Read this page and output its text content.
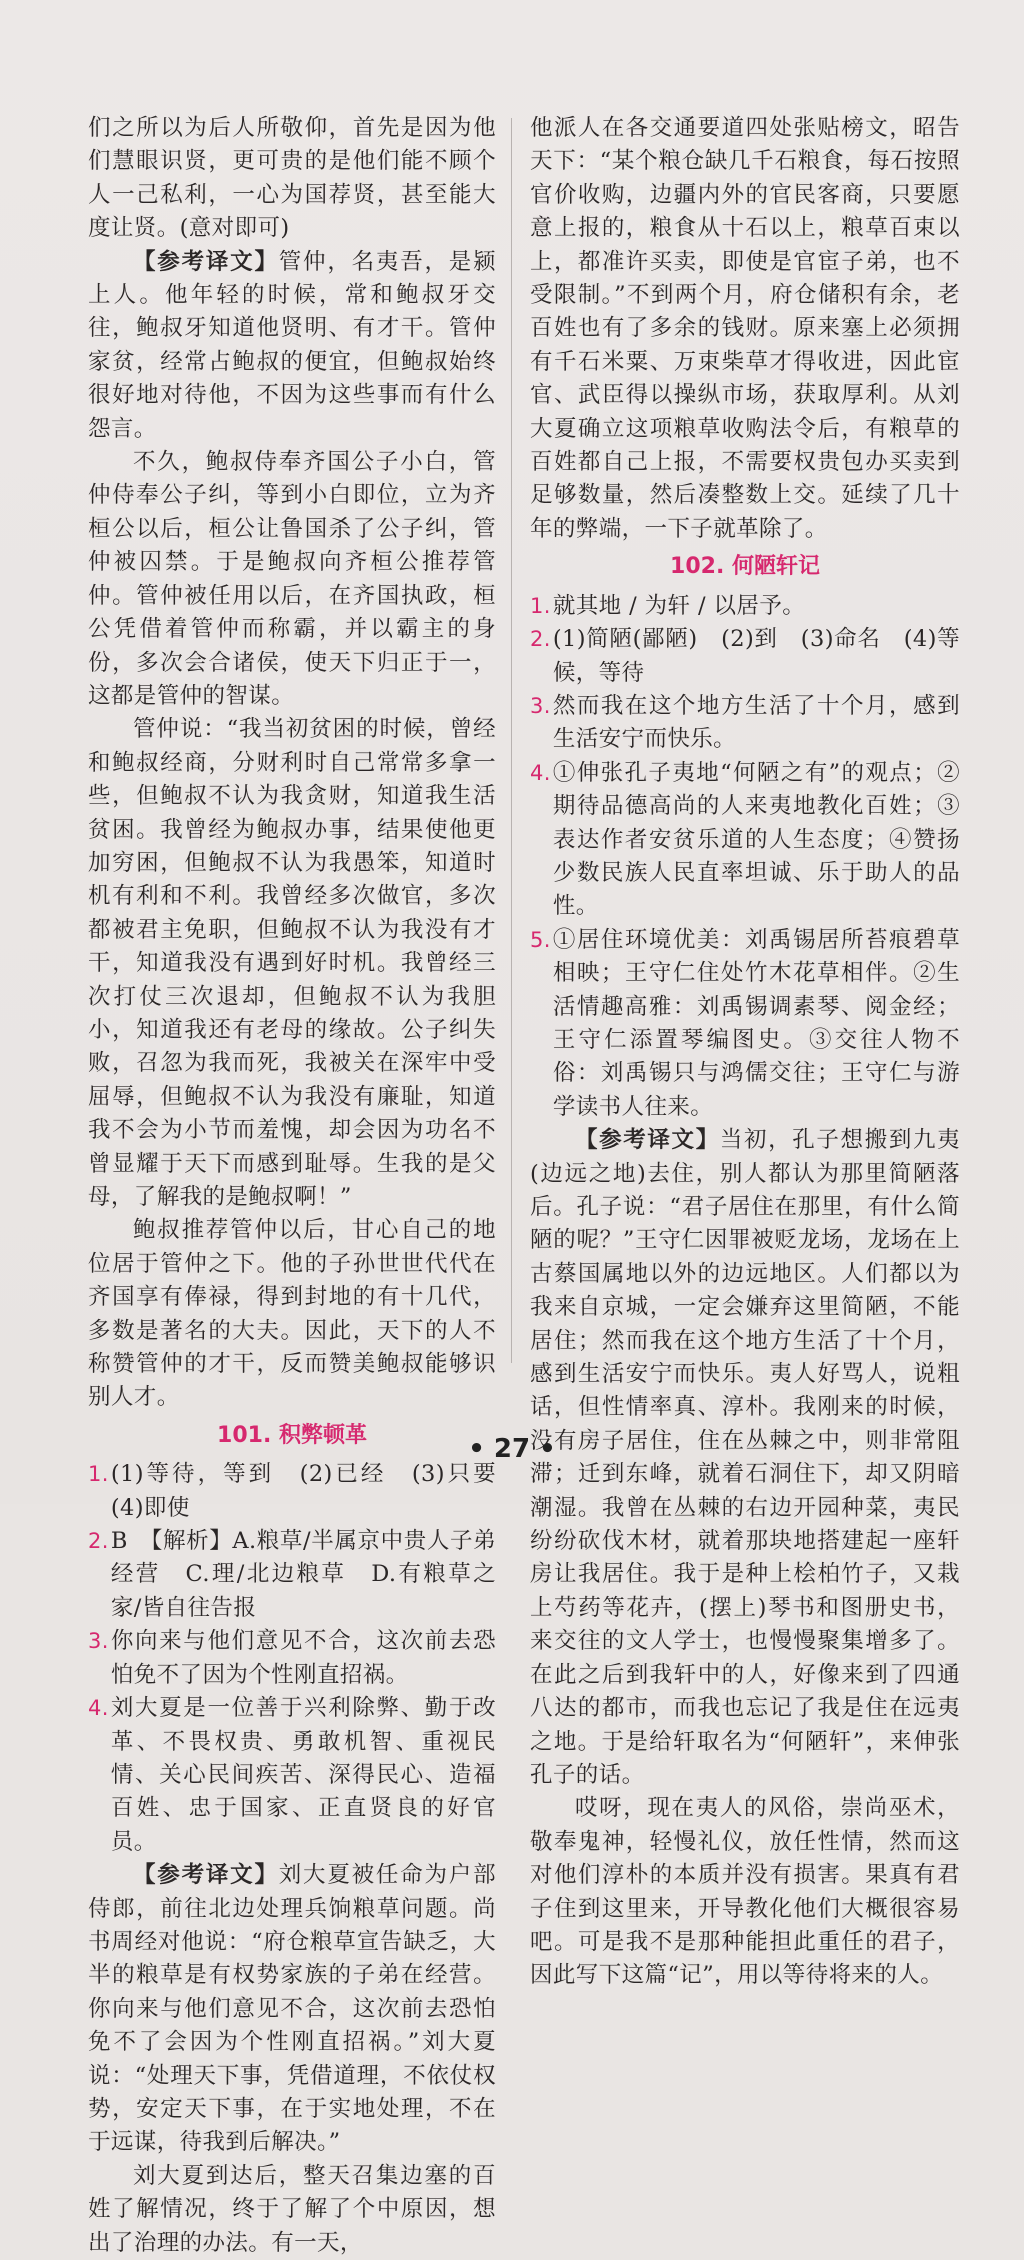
们之所以为后人所敬仰，首先是因为他们慧眼识贤，更可贵的是他们能不顾个人一己私利，一心为国荐贤，甚至能大度让贤。(意对即可)

【参考译文】管仲，名夷吾，是颍上人。他年轻的时候，常和鲍叔牙交往，鲍叔牙知道他贤明、有才干。管仲家贫，经常占鲍叔的便宜，但鲍叔始终很好地对待他，不因为这些事而有什么怨言。

不久，鲍叔侍奉齐国公子小白，管仲侍奉公子纠，等到小白即位，立为齐桓公以后，桓公让鲁国杀了公子纠，管仲被囚禁。于是鲍叔向齐桓公推荐管仲。管仲被任用以后，在齐国执政，桓公凭借着管仲而称霸，并以霸主的身份，多次会合诸侯，使天下归正于一，这都是管仲的智谋。

管仲说：“我当初贫困的时候，曾经和鲍叔经商，分财利时自己常常多拿一些，但鲍叔不认为我贪财，知道我生活贫困。我曾经为鲍叔办事，结果使他更加穷困，但鲍叔不认为我愚笨，知道时机有利和不利。我曾经多次做官，多次都被君主免职，但鲍叔不认为我没有才干，知道我没有遇到好时机。我曾经三次打仗三次退却，但鲍叔不认为我胆小，知道我还有老母的缘故。公子纠失败，召忽为我而死，我被关在深牢中受屈辱，但鲍叔不认为我没有廉耻，知道我不会为小节而羞愧，却会因为功名不曾显耀于天下而感到耻辱。生我的是父母，了解我的是鲍叔啊！”

鲍叔推荐管仲以后，甘心自己的地位居于管仲之下。他的子孙世世代代在齐国享有俸禄，得到封地的有十几代，多数是著名的大夫。因此，天下的人不称赞管仲的才干，反而赞美鲍叔能够识别人才。

101. 积弊顿革
1. (1)等待，等到　(2)已经　(3)只要　(4)即使
2. B　【解析】A.粮草/半属京中贵人子弟经营　C.理/北边粮草　D.有粮草之家/皆自往告报
3. 你向来与他们意见不合，这次前去恐怕免不了因为个性刚直招祸。
4. 刘大夏是一位善于兴利除弊、勤于改革、不畏权贵、勇敢机智、重视民情、关心民间疾苦、深得民心、造福百姓、忠于国家、正直贤良的好官员。

【参考译文】刘大夏被任命为户部侍郎，前往北边处理兵饷粮草问题。尚书周经对他说：“府仓粮草宣告缺乏，大半的粮草是有权势家族的子弟在经营。你向来与他们意见不合，这次前去恐怕免不了会因为个性刚直招祸。”刘大夏说：“处理天下事，凭借道理，不依仗权势，安定天下事，在于实地处理，不在于远谋，待我到后解决。”

刘大夏到达后，整天召集边塞的百姓了解情况，终于了解了个中原因，想出了治理的办法。有一天，

他派人在各交通要道四处张贴榜文，昭告天下：“某个粮仓缺几千石粮食，每石按照官价收购，边疆内外的官民客商，只要愿意上报的，粮食从十石以上，粮草百束以上，都准许买卖，即使是官宦子弟，也不受限制。”不到两个月，府仓储积有余，老百姓也有了多余的钱财。原来塞上必须拥有千石米粟、万束柴草才得收进，因此宦官、武臣得以操纵市场，获取厚利。从刘大夏确立这项粮草收购法令后，有粮草的百姓都自己上报，不需要权贵包办买卖到足够数量，然后凑整数上交。延续了几十年的弊端，一下子就革除了。

102. 何陋轩记
1. 就其地 / 为轩 / 以居予。
2. (1)简陋(鄙陋)　(2)到　(3)命名　(4)等候，等待
3. 然而我在这个地方生活了十个月，感到生活安宁而快乐。
4. ①伸张孔子夷地“何陋之有”的观点；②期待品德高尚的人来夷地教化百姓；③表达作者安贫乐道的人生态度；④赞扬少数民族人民直率坦诚、乐于助人的品性。
5. ①居住环境优美：刘禹锡居所苔痕碧草相映；王守仁住处竹木花草相伴。②生活情趣高雅：刘禹锡调素琴、阅金经；王守仁添置琴编图史。③交往人物不俗：刘禹锡只与鸿儒交往；王守仁与游学读书人往来。

【参考译文】当初，孔子想搬到九夷(边远之地)去住，别人都认为那里简陋落后。孔子说：“君子居住在那里，有什么简陋的呢？”王守仁因罪被贬龙场，龙场在上古蔡国属地以外的边远地区。人们都以为我来自京城，一定会嫌弃这里简陋，不能居住；然而我在这个地方生活了十个月，感到生活安宁而快乐。夷人好骂人，说粗话，但性情率真、淳朴。我刚来的时候，没有房子居住，住在丛棘之中，则非常阻滞；迁到东峰，就着石洞住下，却又阴暗潮湿。我曾在丛棘的右边开园种菜，夷民纷纷砍伐木材，就着那块地搭建起一座轩房让我居住。我于是种上桧柏竹子，又栽上芍药等花卉，(摆上)琴书和图册史书，来交往的文人学士，也慢慢聚集增多了。在此之后到我轩中的人，好像来到了四通八达的都市，而我也忘记了我是住在远夷之地。于是给轩取名为“何陋轩”，来伸张孔子的话。

哎呀，现在夷人的风俗，崇尚巫术，敬奉鬼神，轻慢礼仪，放任性情，然而这对他们淳朴的本质并没有损害。果真有君子住到这里来，开导教化他们大概很容易吧。可是我不是那种能担此重任的君子，因此写下这篇“记”，用以等待将来的人。

• 27 •
